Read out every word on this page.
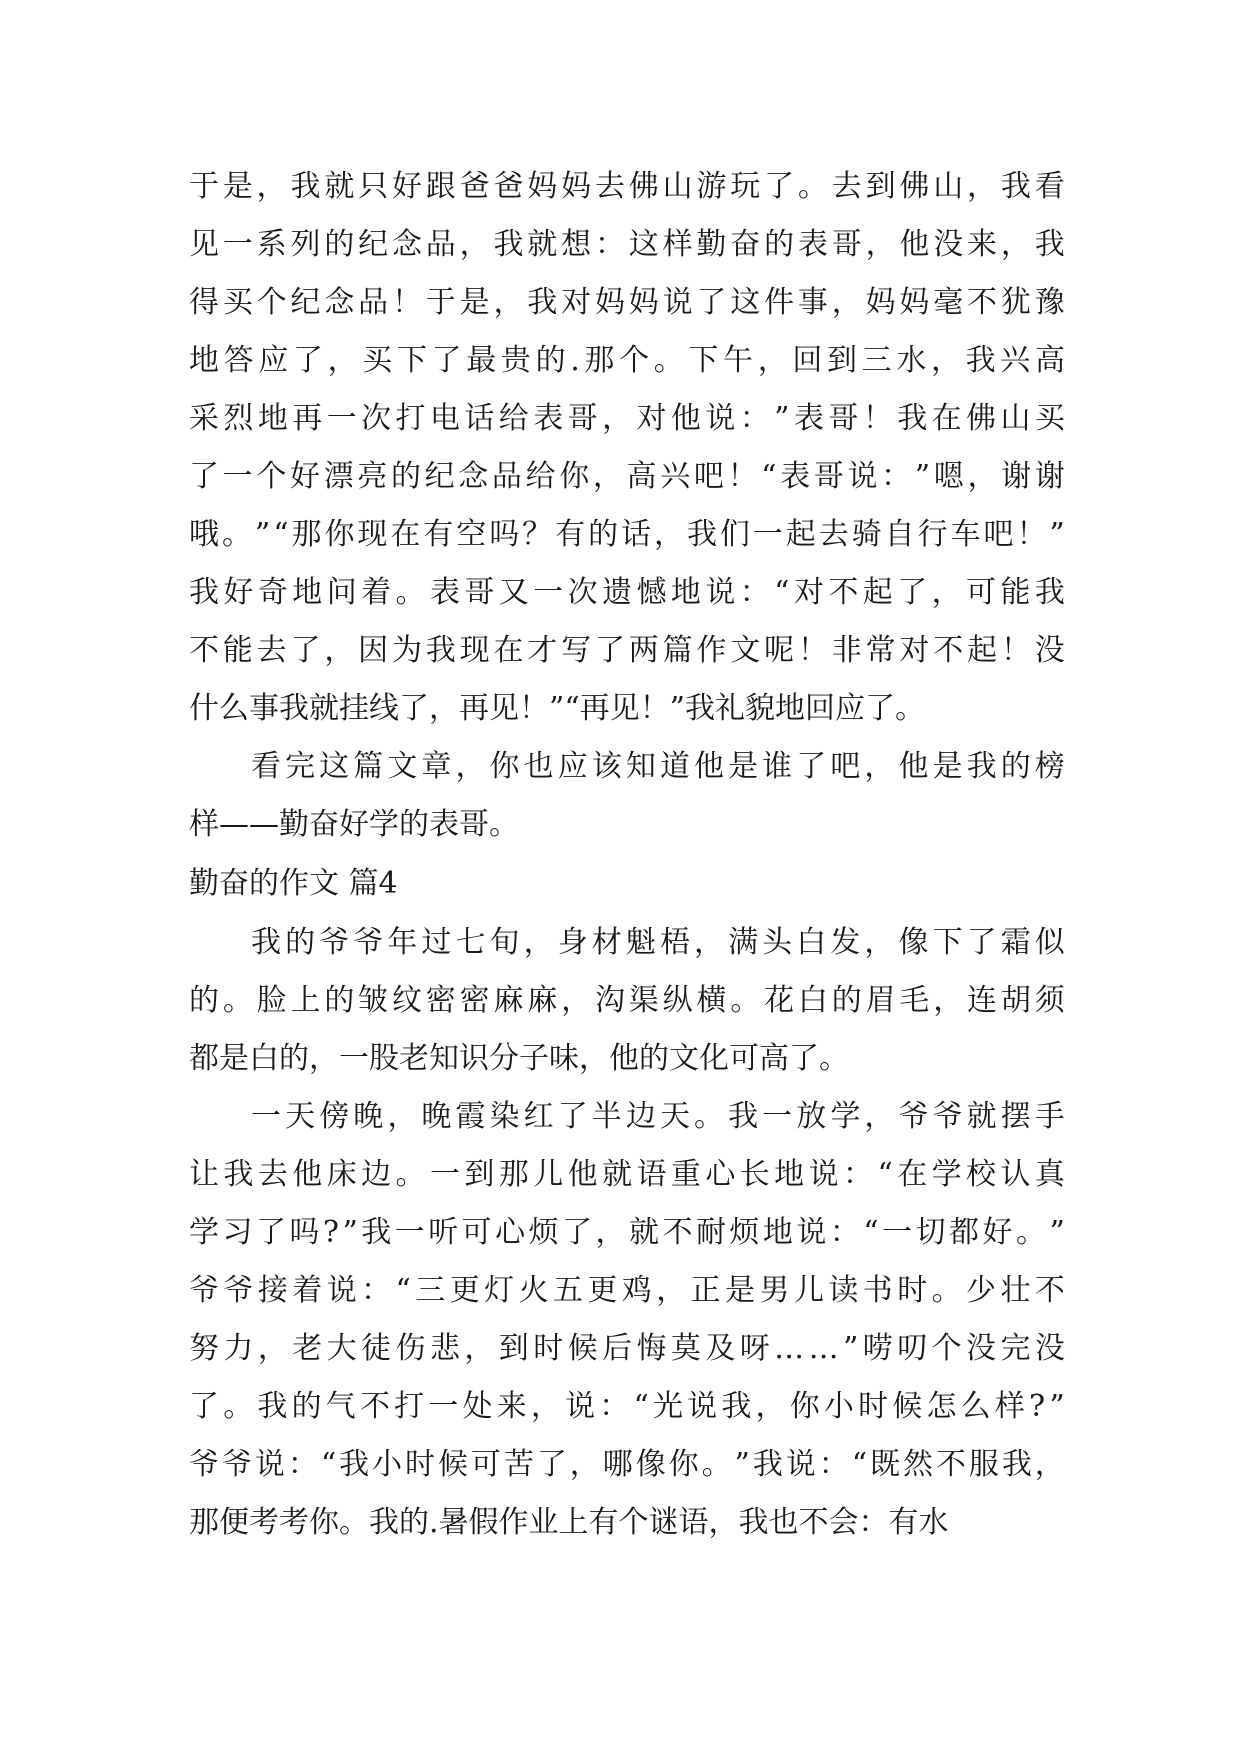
于 是 ， 我 就 只 好 跟 爸 爸 妈 妈 去 佛 山 游 玩 了 。 去 到 佛 山 ， 我 看
见 一 系 列 的 纪 念 品 ， 我 就 想 ： 这 样 勤 奋 的 表 哥 ， 他 没 来 ， 我
得 买 个 纪 念 品 ！ 于 是 ， 我 对 妈 妈 说 了 这 件 事 ， 妈 妈 毫 不 犹 豫
地 答 应 了 ， 买 下 了 最 贵 的 . 那 个 。 下 午 ， 回 到 三 水 ， 我 兴 高
采 烈 地 再 一 次 打 电 话 给 表 哥 ， 对 他 说 ： ” 表 哥 ！ 我 在 佛 山 买
了 一 个 好 漂 亮 的 纪 念 品 给 你 ， 高 兴 吧 ！ “ 表 哥 说 ： ” 嗯 ， 谢 谢
哦 。 ” “ 那 你 现 在 有 空 吗 ？ 有 的 话 ， 我 们 一 起 去 骑 自 行 车 吧 ！ ”
我 好 奇 地 问 着 。 表 哥 又 一 次 遗 憾 地 说 ： “ 对 不 起 了 ， 可 能 我
不 能 去 了 ， 因 为 我 现 在 才 写 了 两 篇 作 文 呢 ！ 非 常 对 不 起 ！ 没
什么事我就挂线了，再见！”“再见！”我礼貌地回应了。
看 完 这 篇 文 章 ， 你 也 应 该 知 道 他 是 谁 了 吧 ， 他 是 我 的 榜
样——勤奋好学的表哥。
勤奋的作文 篇4
我 的 爷 爷 年 过 七 旬 ， 身 材 魁 梧 ， 满 头 白 发 ， 像 下 了 霜 似
的 。 脸 上 的 皱 纹 密 密 麻 麻 ， 沟 渠 纵 横 。 花 白 的 眉 毛 ， 连 胡 须
都是白的，一股老知识分子味，他的文化可高了。
一 天 傍 晚 ， 晚 霞 染 红 了 半 边 天 。 我 一 放 学 ， 爷 爷 就 摆 手
让 我 去 他 床 边 。 一 到 那 儿 他 就 语 重 心 长 地 说 ： “ 在 学 校 认 真
学 习 了 吗 ? ” 我 一 听 可 心 烦 了 ， 就 不 耐 烦 地 说 ： “ 一 切 都 好 。 ”
爷 爷 接 着 说 ： “ 三 更 灯 火 五 更 鸡 ， 正 是 男 儿 读 书 时 。 少 壮 不
努 力 ， 老 大 徒 伤 悲 ， 到 时 候 后 悔 莫 及 呀 … … ” 唠 叨 个 没 完 没
了 。 我 的 气 不 打 一 处 来 ， 说 ： “ 光 说 我 ， 你 小 时 候 怎 么 样 ? ”
爷 爷 说 ： “ 我 小 时 候 可 苦 了 ， 哪 像 你 。 ” 我 说 ： “ 既 然 不 服 我 ，
那便考考你。我的.暑假作业上有个谜语，我也不会：有水
